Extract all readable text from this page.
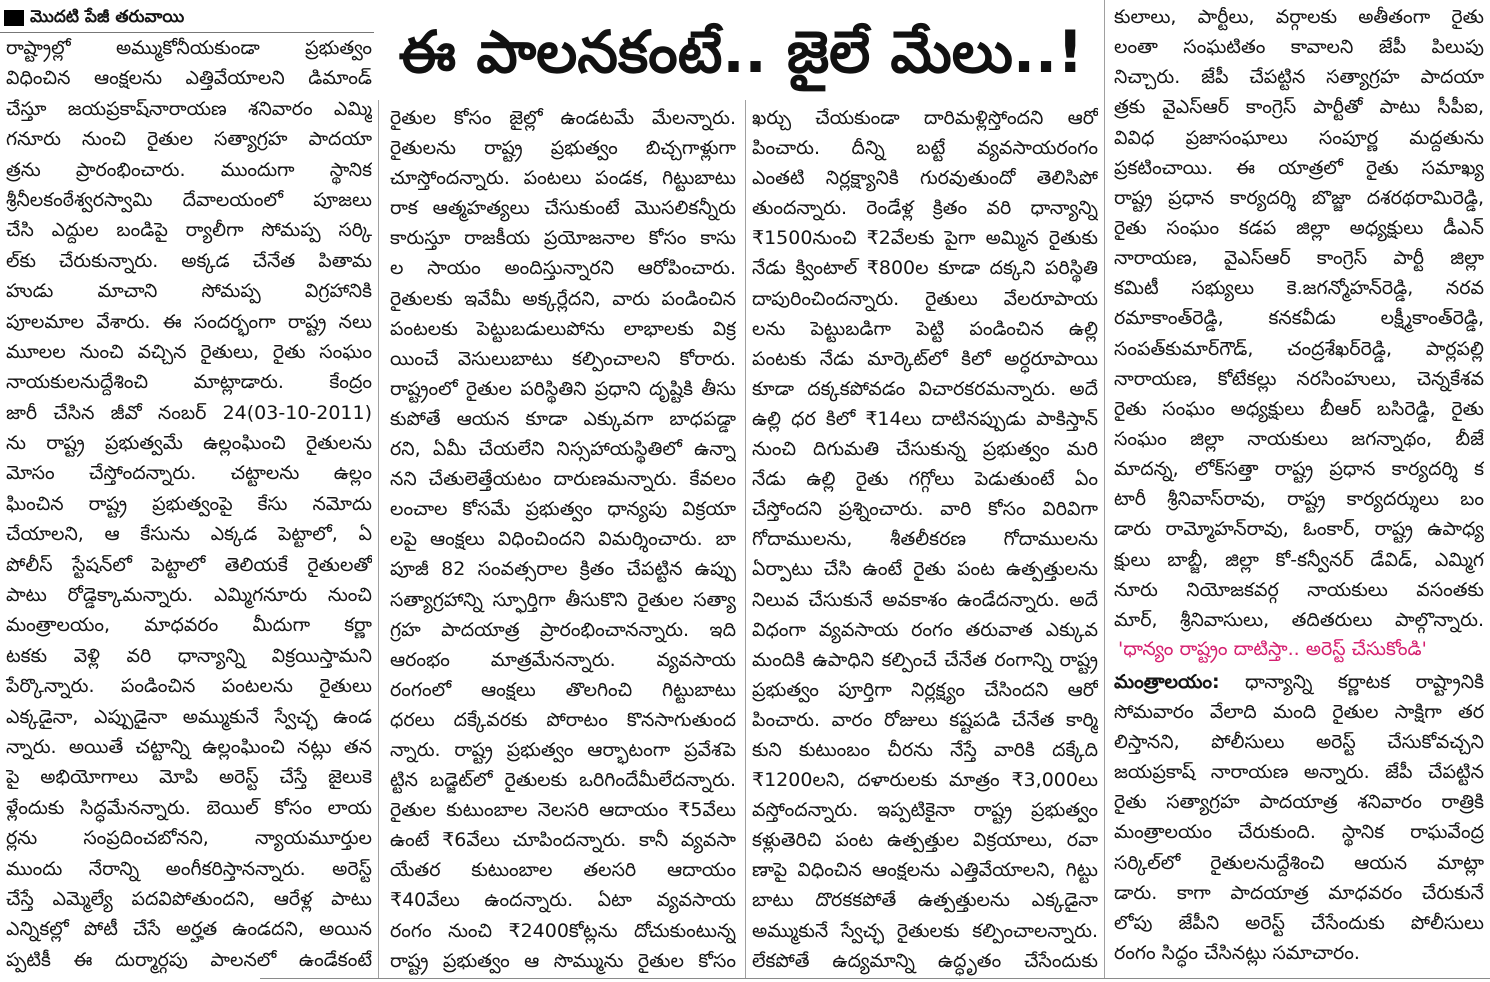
మొదటి పేజీ తరువాయి
ఈ పాలనకంటే.. జైలే మేలు..!
రాష్ట్రాల్లో అమ్ముకోనీయకుండా ప్రభుత్వం
విధించిన ఆంక్షలను ఎత్తివేయాలని డిమాండ్
చేస్తూ జయప్రకాష్‌నారాయణ శనివారం ఎమ్మి
గనూరు నుంచి రైతుల సత్యాగ్రహ పాదయా
త్రను ప్రారంభించారు. ముందుగా స్థానిక
శ్రీనీలకంఠేశ్వరస్వామి దేవాలయంలో పూజలు
చేసి ఎద్దుల బండిపై ర్యాలీగా సోమప్ప సర్కి
ల్‌కు చేరుకున్నారు. అక్కడ చేనేత పితామ
హుడు మాచాని సోమప్ప విగ్రహానికి
పూలమాల వేశారు. ఈ సందర్భంగా రాష్ట్ర నలు
మూలల నుంచి వచ్చిన రైతులు, రైతు సంఘం
నాయకులనుద్దేశించి మాట్లాడారు. కేంద్రం
జారీ చేసిన జీవో నంబర్ 24(03-10-2011)
ను రాష్ట్ర ప్రభుత్వమే ఉల్లంఘించి రైతులను
మోసం చేస్తోందన్నారు. చట్టాలను ఉల్లం
ఘించిన రాష్ట్ర ప్రభుత్వంపై కేసు నమోదు
చేయాలని, ఆ కేసును ఎక్కడ పెట్టాలో, ఏ
పోలీస్ స్టేషన్‌లో పెట్టాలో తెలియకే రైతులతో
పాటు రోడ్డెక్కామన్నారు. ఎమ్మిగనూరు నుంచి
మంత్రాలయం, మాధవరం మీదుగా కర్ణా
టకకు వెళ్లి వరి ధాన్యాన్ని విక్రయిస్తామని
పేర్కొన్నారు. పండించిన పంటలను రైతులు
ఎక్కడైనా, ఎప్పుడైనా అమ్ముకునే స్వేచ్ఛ ఉండ
న్నారు. అయితే చట్టాన్ని ఉల్లంఘించి నట్లు తన
పై అభియోగాలు మోపి అరెస్ట్ చేస్తే జైలుకె
ళ్లేందుకు సిద్ధమేనన్నారు. బెయిల్ కోసం లాయ
ర్లను సంప్రదించబోనని, న్యాయమూర్తుల
ముందు నేరాన్ని అంగీకరిస్తానన్నారు. అరెస్ట్
చేస్తే ఎమ్మెల్యే పదవిపోతుందని, ఆరేళ్ల పాటు
ఎన్నికల్లో పోటీ చేసే అర్హత ఉండదని, అయిన
ప్పటికీ ఈ దుర్మార్గపు పాలనలో ఉండేకంటే
రైతుల కోసం జైల్లో ఉండటమే మేలన్నారు.
రైతులను రాష్ట్ర ప్రభుత్వం బిచ్చగాళ్లుగా
చూస్తోందన్నారు. పంటలు పండక, గిట్టుబాటు
రాక ఆత్మహత్యలు చేసుకుంటే మొసలికన్నీరు
కారుస్తూ రాజకీయ ప్రయోజనాల కోసం కాసు
ల సాయం అందిస్తున్నారని ఆరోపించారు.
రైతులకు ఇవేమీ అక్కర్లేదని, వారు పండించిన
పంటలకు పెట్టుబడులుపోను లాభాలకు విక్ర
యించే వెసులుబాటు కల్పించాలని కోరారు.
రాష్ట్రంలో రైతుల పరిస్థితిని ప్రధాని దృష్టికి తీసు
కుపోతే ఆయన కూడా ఎక్కువగా బాధపడ్డా
రని, ఏమీ చేయలేని నిస్సహాయస్థితిలో ఉన్నా
నని చేతులెత్తేయటం దారుణమన్నారు. కేవలం
లంచాల కోసమే ప్రభుత్వం ధాన్యపు విక్రయా
లపై ఆంక్షలు విధించిందని విమర్శించారు. బా
పూజీ 82 సంవత్సరాల క్రితం చేపట్టిన ఉప్పు
సత్యాగ్రహాన్ని స్ఫూర్తిగా తీసుకొని రైతుల సత్యా
గ్రహ పాదయాత్ర ప్రారంభించానన్నారు. ఇది
ఆరంభం మాత్రమేనన్నారు. వ్యవసాయ
రంగంలో ఆంక్షలు తొలగించి గిట్టుబాటు
ధరలు దక్కేవరకు పోరాటం కొనసాగుతుంద
న్నారు. రాష్ట్ర ప్రభుత్వం ఆర్భాటంగా ప్రవేశపె
ట్టిన బడ్జెట్‌లో రైతులకు ఒరిగిందేమీలేదన్నారు.
రైతుల కుటుంబాల నెలసరి ఆదాయం ₹5వేలు
ఉంటే ₹6వేలు చూపిందన్నారు. కానీ వ్యవసా
యేతర కుటుంబాల తలసరి ఆదాయం
₹40వేలు ఉందన్నారు. ఏటా వ్యవసాయ
రంగం నుంచి ₹2400కోట్లను దోచుకుంటున్న
రాష్ట్ర ప్రభుత్వం ఆ సొమ్మును రైతుల కోసం
ఖర్చు చేయకుండా దారిమళ్లిస్తోందని ఆరో
పించారు. దీన్ని బట్టే వ్యవసాయరంగం
ఎంతటి నిర్లక్ష్యానికి గురవుతుందో తెలిసిపో
తుందన్నారు. రెండేళ్ల క్రితం వరి ధాన్యాన్ని
₹1500నుంచి ₹2వేలకు పైగా అమ్మిన రైతుకు
నేడు క్వింటాల్ ₹800ల కూడా దక్కని పరిస్థితి
దాపురించిందన్నారు. రైతులు వేలరూపాయ
లను పెట్టుబడిగా పెట్టి పండించిన ఉల్లి
పంటకు నేడు మార్కెట్‌లో కిలో అర్ధరూపాయి
కూడా దక్కకపోవడం విచారకరమన్నారు. అదే
ఉల్లి ధర కిలో ₹14లు దాటినప్పుడు పాకిస్తాన్
నుంచి దిగుమతి చేసుకున్న ప్రభుత్వం మరి
నేడు ఉల్లి రైతు గగ్గోలు పెడుతుంటే ఏం
చేస్తోందని ప్రశ్నించారు. వారి కోసం విరివిగా
గోదాములను, శీతలీకరణ గోదాములను
ఏర్పాటు చేసి ఉంటే రైతు పంట ఉత్పత్తులను
నిలువ చేసుకునే అవకాశం ఉండేదన్నారు. అదే
విధంగా వ్యవసాయ రంగం తరువాత ఎక్కువ
మందికి ఉపాధిని కల్పించే చేనేత రంగాన్ని రాష్ట్ర
ప్రభుత్వం పూర్తిగా నిర్లక్ష్యం చేసిందని ఆరో
పించారు. వారం రోజులు కష్టపడి చేనేత కార్మి
కుని కుటుంబం చీరను నేస్తే వారికి దక్కేది
₹1200లని, దళారులకు మాత్రం ₹3,000లు
వస్తోందన్నారు. ఇప్పటికైనా రాష్ట్ర ప్రభుత్వం
కళ్లుతెరిచి పంట ఉత్పత్తుల విక్రయాలు, రవా
ణాపై విధించిన ఆంక్షలను ఎత్తివేయాలని, గిట్టు
బాటు దొరకకపోతే ఉత్పత్తులను ఎక్కడైనా
అమ్ముకునే స్వేచ్ఛ రైతులకు కల్పించాలన్నారు.
లేకపోతే ఉద్యమాన్ని ఉద్ధృతం చేసేందుకు
కులాలు, పార్టీలు, వర్గాలకు అతీతంగా రైతు
లంతా సంఘటితం కావాలని జేపీ పిలుపు
నిచ్చారు. జేపీ చేపట్టిన సత్యాగ్రహ పాదయా
త్రకు వైఎస్‌ఆర్ కాంగ్రెస్ పార్టీతో పాటు సీపీఐ,
వివిధ ప్రజాసంఘాలు సంపూర్ణ మద్దతును
ప్రకటించాయి. ఈ యాత్రలో రైతు సమాఖ్య
రాష్ట్ర ప్రధాన కార్యదర్శి బొజ్జా దశరథరామిరెడ్డి,
రైతు సంఘం కడప జిల్లా అధ్యక్షులు డీఎన్
నారాయణ, వైఎస్‌ఆర్ కాంగ్రెస్ పార్టీ జిల్లా
కమిటీ సభ్యులు కె.జగన్మోహన్‌రెడ్డి, నరవ
రమాకాంత్‌రెడ్డి, కనకవీడు లక్ష్మీకాంత్‌రెడ్డి,
సంపత్‌కుమార్‌గౌడ్, చంద్రశేఖర్‌రెడ్డి, పార్లపల్లి
నారాయణ, కోటేకల్లు నరసింహులు, చెన్నకేశవ
రైతు సంఘం అధ్యక్షులు బీఆర్ బసిరెడ్డి, రైతు
సంఘం జిల్లా నాయకులు జగన్నాథం, బీజే
మాదన్న, లోక్‌సత్తా రాష్ట్ర ప్రధాన కార్యదర్శి క
టారీ శ్రీనివాస్‌రావు, రాష్ట్ర కార్యదర్శులు బం
డారు రామ్మోహన్‌రావు, ఓంకార్, రాష్ట్ర ఉపాధ్య
క్షులు బాబ్జీ, జిల్లా కో-కన్వీనర్ డేవిడ్, ఎమ్మిగ
నూరు నియోజకవర్గ నాయకులు వసంతకు
మార్, శ్రీనివాసులు, తదితరులు పాల్గొన్నారు.
'ధాన్యం రాష్ట్రం దాటిస్తా.. అరెస్ట్ చేసుకోండి'
మంత్రాలయం: ధాన్యాన్ని కర్ణాటక రాష్ట్రానికి
సోమవారం వేలాది మంది రైతుల సాక్షిగా తర
లిస్తానని, పోలీసులు అరెస్ట్ చేసుకోవచ్చని
జయప్రకాష్ నారాయణ అన్నారు. జేపీ చేపట్టిన
రైతు సత్యాగ్రహ పాదయాత్ర శనివారం రాత్రికి
మంత్రాలయం చేరుకుంది. స్థానిక రాఘవేంద్ర
సర్కిల్‌లో రైతులనుద్దేశించి ఆయన మాట్లా
డారు. కాగా పాదయాత్ర మాధవరం చేరుకునే
లోపు జేపీని అరెస్ట్ చేసేందుకు పోలీసులు
రంగం సిద్ధం చేసినట్లు సమాచారం.
